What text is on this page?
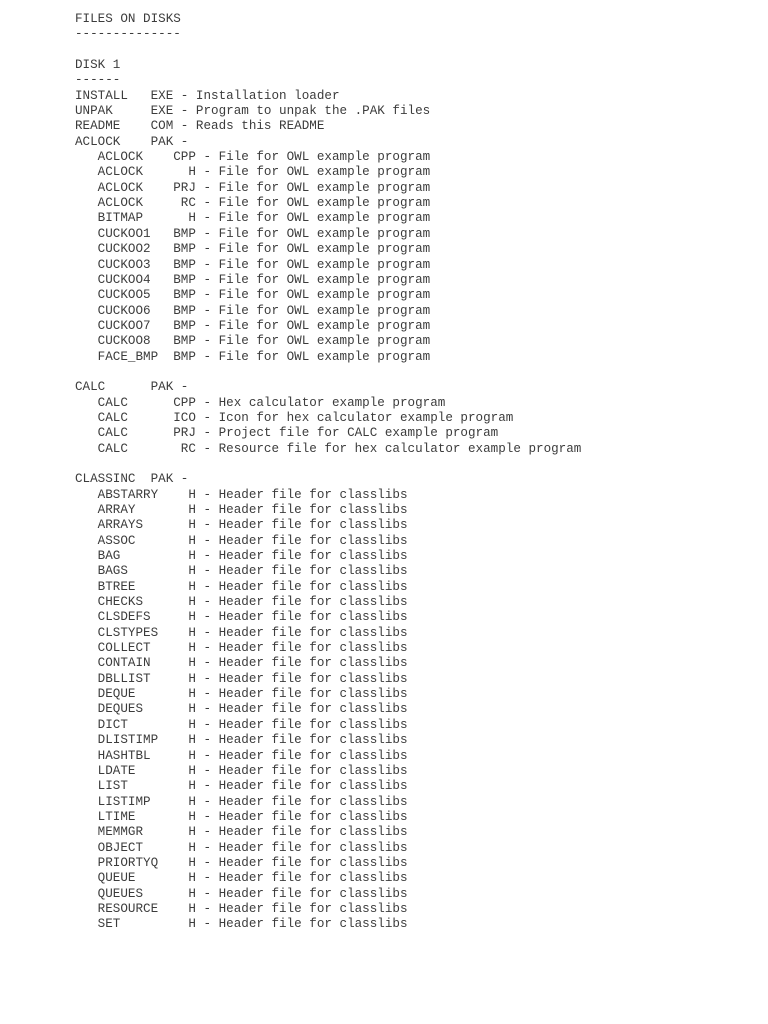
FILES ON DISKS
--------------
DISK 1
------
INSTALL   EXE - Installation loader
UNPAK     EXE - Program to unpak the .PAK files
README    COM - Reads this README
ACLOCK    PAK -
ACLOCK    CPP - File for OWL example program
ACLOCK      H - File for OWL example program
ACLOCK    PRJ - File for OWL example program
ACLOCK     RC - File for OWL example program
BITMAP      H - File for OWL example program
CUCKOO1   BMP - File for OWL example program
CUCKOO2   BMP - File for OWL example program
CUCKOO3   BMP - File for OWL example program
CUCKOO4   BMP - File for OWL example program
CUCKOO5   BMP - File for OWL example program
CUCKOO6   BMP - File for OWL example program
CUCKOO7   BMP - File for OWL example program
CUCKOO8   BMP - File for OWL example program
FACE_BMP  BMP - File for OWL example program
CALC      PAK -
CALC      CPP - Hex calculator example program
CALC      ICO - Icon for hex calculator example program
CALC      PRJ - Project file for CALC example program
CALC       RC - Resource file for hex calculator example program
CLASSINC  PAK -
ABSTARRY    H - Header file for classlibs
ARRAY       H - Header file for classlibs
ARRAYS      H - Header file for classlibs
ASSOC       H - Header file for classlibs
BAG         H - Header file for classlibs
BAGS        H - Header file for classlibs
BTREE       H - Header file for classlibs
CHECKS      H - Header file for classlibs
CLSDEFS     H - Header file for classlibs
CLSTYPES    H - Header file for classlibs
COLLECT     H - Header file for classlibs
CONTAIN     H - Header file for classlibs
DBLLIST     H - Header file for classlibs
DEQUE       H - Header file for classlibs
DEQUES      H - Header file for classlibs
DICT        H - Header file for classlibs
DLISTIMP    H - Header file for classlibs
HASHTBL     H - Header file for classlibs
LDATE       H - Header file for classlibs
LIST        H - Header file for classlibs
LISTIMP     H - Header file for classlibs
LTIME       H - Header file for classlibs
MEMMGR      H - Header file for classlibs
OBJECT      H - Header file for classlibs
PRIORTYQ    H - Header file for classlibs
QUEUE       H - Header file for classlibs
QUEUES      H - Header file for classlibs
RESOURCE    H - Header file for classlibs
SET         H - Header file for classlibs
